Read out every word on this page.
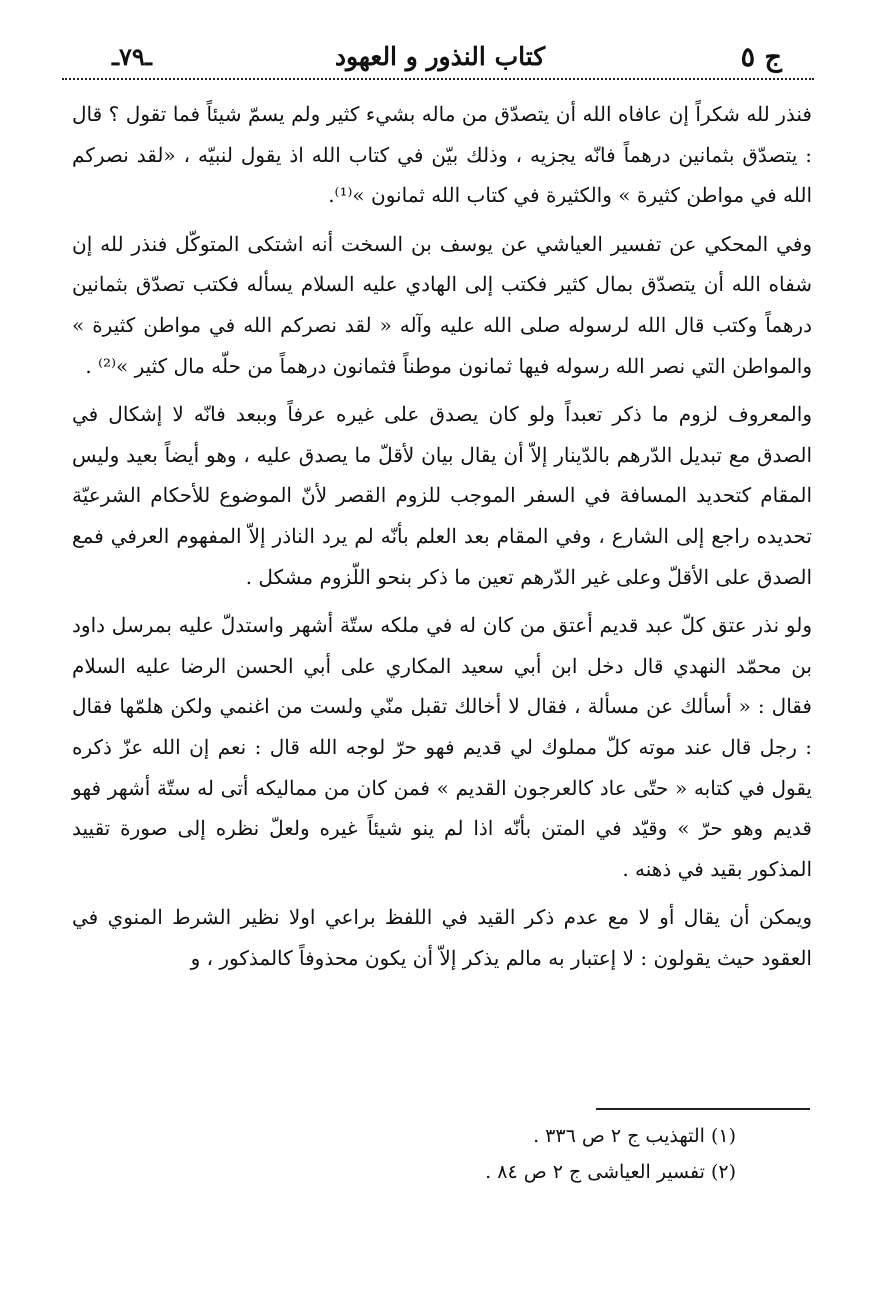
ج ٥
كتاب النذور و العهود
ـ٧٩ـ

فنذر لله شكراً إن عافاه الله أن يتصدّق من ماله بشيء كثير ولم يسمّ شيئاً فما تقول ؟ قال : يتصدّق بثمانين درهماً فانّه يجزيه ، وذلك بيّن في كتاب الله اذ يقول لنبيّه ، «لقد نصركم الله في مواطن كثيرة » والكثيرة في كتاب الله ثمانون »⁽¹⁾.

وفي المحكي عن تفسير العياشي عن يوسف بن السخت أنه اشتكى المتوكّل فنذر لله إن شفاه الله أن يتصدّق بمال كثير فكتب إلى الهادي عليه السلام يسأله فكتب تصدّق بثمانين درهماً وكتب قال الله لرسوله صلى الله عليه وآله « لقد نصركم الله في مواطن كثيرة » والمواطن التي نصر الله رسوله فيها ثمانون موطناً فثمانون درهماً من حلّه مال كثير »⁽²⁾ .

والمعروف لزوم ما ذكر تعبداً ولو كان يصدق على غيره عرفاً وببعد فانّه لا إشكال في الصدق مع تبديل الدّرهم بالدّينار إلاّ أن يقال بيان لأقلّ ما يصدق عليه ، وهو أيضاً بعيد وليس المقام كتحديد المسافة في السفر الموجب للزوم القصر لأنّ الموضوع للأحكام الشرعيّة تحديده راجع إلى الشارع ، وفي المقام بعد العلم بأنّه لم يرد الناذر إلاّ المفهوم العرفي فمع الصدق على الأقلّ وعلى غير الدّرهم تعين ما ذكر بنحو اللّزوم مشكل .

ولو نذر عتق كلّ عبد قديم أعتق من كان له في ملكه ستّة أشهر واستدلّ عليه بمرسل داود بن محمّد النهدي قال دخل ابن أبي سعيد المكاري على أبي الحسن الرضا عليه السلام فقال : « أسألك عن مسألة ، فقال لا أخالك تقبل منّي ولست من اغنمي ولكن هلمّها فقال : رجل قال عند موته كلّ مملوك لي قديم فهو حرّ لوجه الله قال : نعم إن الله عزّ ذكره يقول في كتابه « حتّى عاد كالعرجون القديم » فمن كان من مماليكه أتى له ستّة أشهر فهو قديم وهو حرّ » وقيّد في المتن بأنّه اذا لم ينو شيئاً غيره ولعلّ نظره إلى صورة تقييد المذكور بقيد في ذهنه .

ويمكن أن يقال أو لا مع عدم ذكر القيد في اللفظ براعي اولا نظير الشرط المنوي في العقود حيث يقولون : لا إعتبار به مالم يذكر إلاّ أن يكون محذوفاً كالمذكور ، و

(١) التهذيب ج ٢ ص ٣٣٦ .
(٢) تفسير العياشى ج ٢ ص ٨٤ .
